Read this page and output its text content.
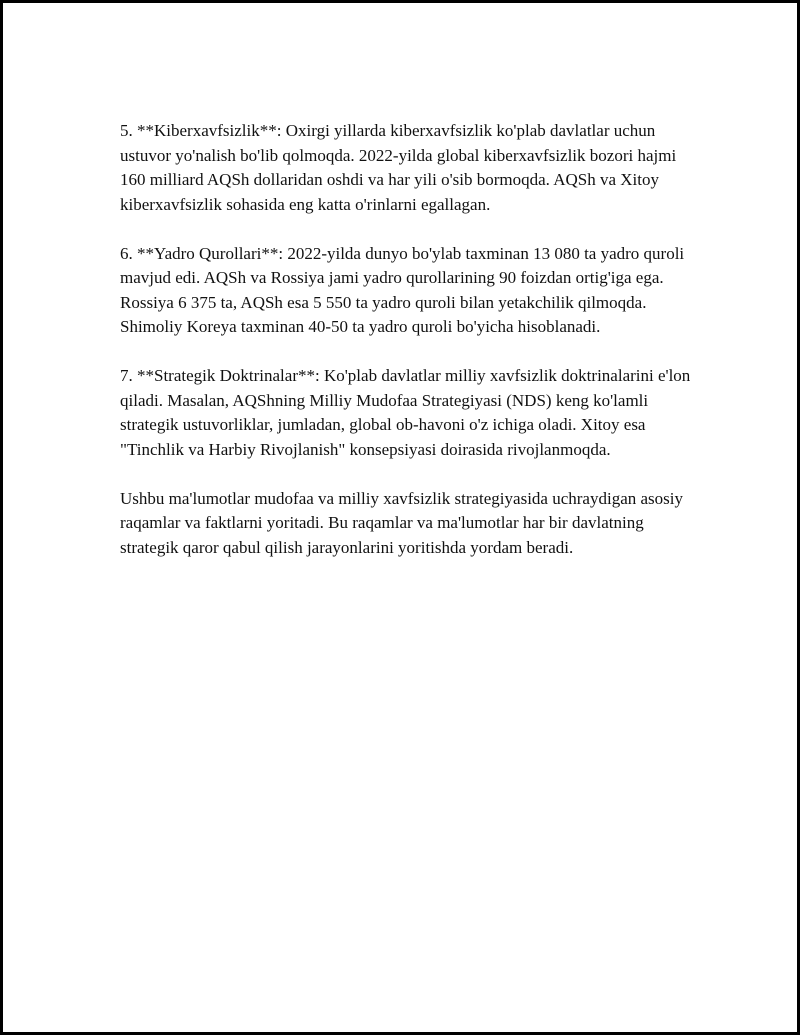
5. **Kiberxavfsizlik**: Oxirgi yillarda kiberxavfsizlik ko'plab davlatlar uchun ustuvor yo'nalish bo'lib qolmoqda. 2022-yilda global kiberxavfsizlik bozori hajmi 160 milliard AQSh dollaridan oshdi va har yili o'sib bormoqda. AQSh va Xitoy kiberxavfsizlik sohasida eng katta o'rinlarni egallagan.

6. **Yadro Qurollari**: 2022-yilda dunyo bo'ylab taxminan 13 080 ta yadro quroli mavjud edi. AQSh va Rossiya jami yadro qurollarining 90 foizdan ortig'iga ega. Rossiya 6 375 ta, AQSh esa 5 550 ta yadro quroli bilan yetakchilik qilmoqda. Shimoliy Koreya taxminan 40-50 ta yadro quroli bo'yicha hisoblanadi.

7. **Strategik Doktrinalar**: Ko'plab davlatlar milliy xavfsizlik doktrinalarini e'lon qiladi. Masalan, AQShning Milliy Mudofaa Strategiyasi (NDS) keng ko'lamli strategik ustuvorliklar, jumladan, global ob-havoni o'z ichiga oladi. Xitoy esa "Tinchlik va Harbiy Rivojlanish" konsepsiyasi doirasida rivojlanmoqda.

Ushbu ma'lumotlar mudofaa va milliy xavfsizlik strategiyasida uchraydigan asosiy raqamlar va faktlarni yoritadi. Bu raqamlar va ma'lumotlar har bir davlatning strategik qaror qabul qilish jarayonlarini yoritishda yordam beradi.
